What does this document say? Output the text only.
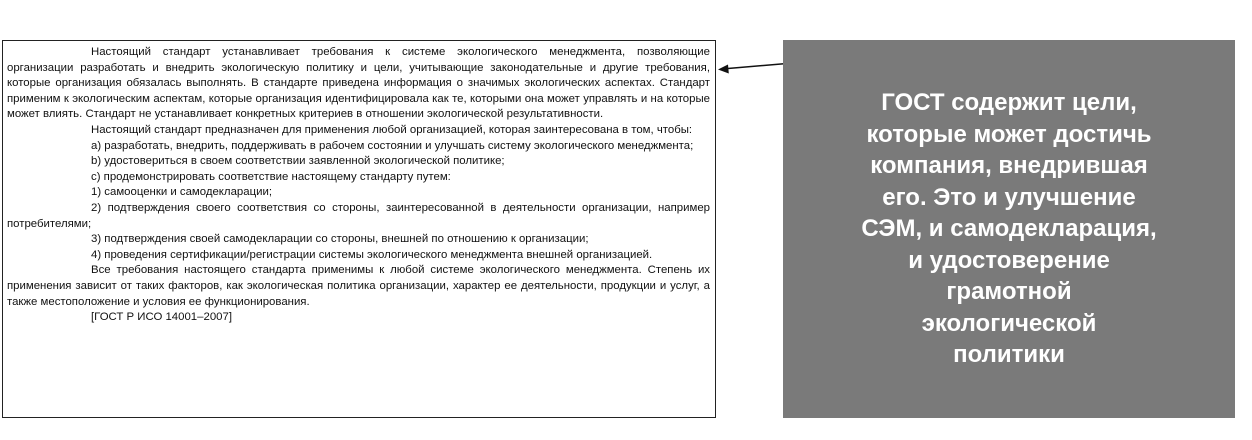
Настоящий стандарт устанавливает требования к системе экологического менеджмента, позволяющие организации разработать и внедрить экологическую политику и цели, учитывающие законодательные и другие требования, которые организация обязалась выполнять. В стандарте приведена информация о значимых экологических аспектах. Стандарт применим к экологическим аспектам, которые организация идентифицировала как те, которыми она может управлять и на которые может влиять. Стандарт не устанавливает конкретных критериев в отношении экологической результативности.

Настоящий стандарт предназначен для применения любой организацией, которая заинтересована в том, чтобы:

a) разработать, внедрить, поддерживать в рабочем состоянии и улучшать систему экологического менеджмента;

b) удостовериться в своем соответствии заявленной экологической политике;

c) продемонстрировать соответствие настоящему стандарту путем:

1) самооценки и самодекларации;

2) подтверждения своего соответствия со стороны, заинтересованной в деятельности организации, например потребителями;

3) подтверждения своей самодекларации со стороны, внешней по отношению к организации;

4) проведения сертификации/регистрации системы экологического менеджмента внешней организацией.

Все требования настоящего стандарта применимы к любой системе экологического менеджмента. Степень их применения зависит от таких факторов, как экологическая политика организации, характер ее деятельности, продукции и услуг, а также местоположение и условия ее функционирования.

[ГОСТ Р ИСО 14001–2007]

ГОСТ содержит цели,
которые может достичь
компания, внедрившая
его. Это и улучшение
СЭМ, и самодекларация,
и удостоверение
грамотной
экологической
политики
